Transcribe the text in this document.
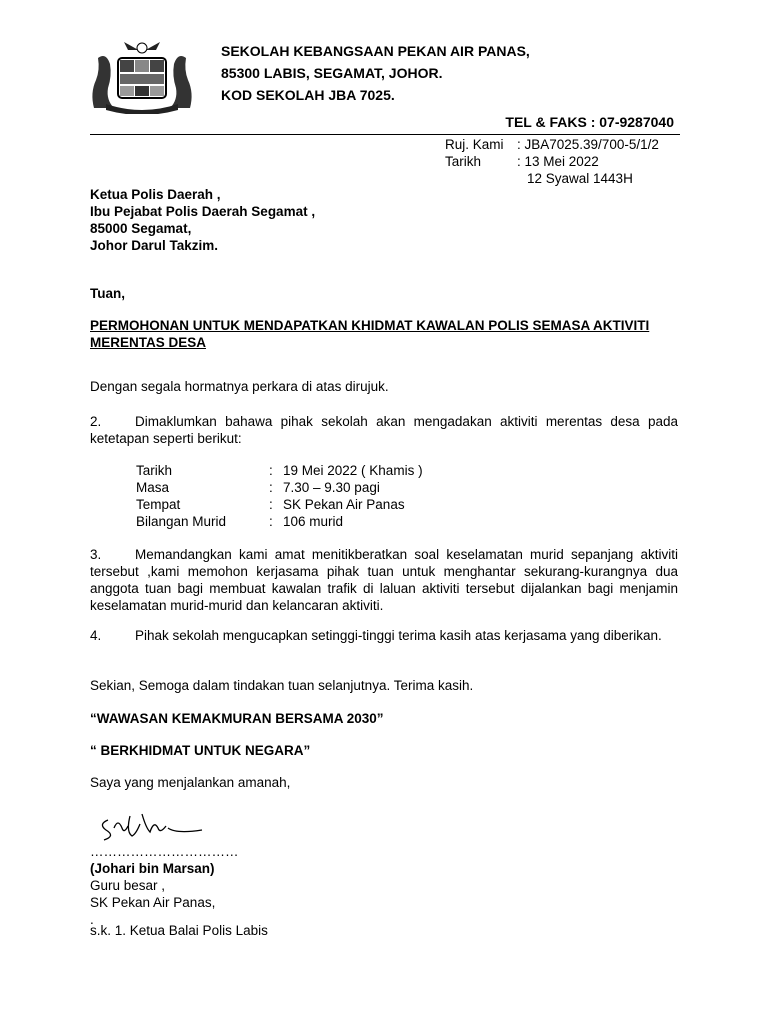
SEKOLAH KEBANGSAAN PEKAN AIR PANAS,
85300 LABIS, SEGAMAT, JOHOR.
KOD SEKOLAH JBA 7025.
TEL & FAKS : 07-9287040
Ruj. Kami : JBA7025.39/700-5/1/2
Tarikh	: 13 Mei 2022
12 Syawal 1443H
Ketua Polis Daerah ,
Ibu Pejabat Polis Daerah Segamat ,
85000 Segamat,
Johor Darul Takzim.
Tuan,
PERMOHONAN UNTUK MENDAPATKAN KHIDMAT KAWALAN POLIS SEMASA AKTIVITI MERENTAS DESA
Dengan segala hormatnya perkara di atas dirujuk.
2. Dimaklumkan bahawa pihak sekolah akan mengadakan aktiviti merentas desa pada ketetapan seperti berikut:
Tarikh	: 19 Mei 2022 ( Khamis )
Masa	: 7.30 – 9.30 pagi
Tempat	: SK Pekan Air Panas
Bilangan Murid	: 106 murid
3. Memandangkan kami amat menitikberatkan soal keselamatan murid sepanjang aktiviti tersebut ,kami memohon kerjasama pihak tuan untuk menghantar sekurang-kurangnya dua anggota tuan bagi membuat kawalan trafik di laluan aktiviti tersebut dijalankan bagi menjamin keselamatan murid-murid dan kelancaran aktiviti.
4. Pihak sekolah mengucapkan setinggi-tinggi terima kasih atas kerjasama yang diberikan.
Sekian, Semoga dalam tindakan tuan selanjutnya. Terima kasih.
“WAWASAN KEMAKMURAN BERSAMA 2030”
“ BERKHIDMAT UNTUK NEGARA”
Saya yang menjalankan amanah,
……………………………
(Johari bin Marsan)
Guru besar ,
SK Pekan Air Panas,
.
s.k. 1. Ketua Balai Polis Labis
